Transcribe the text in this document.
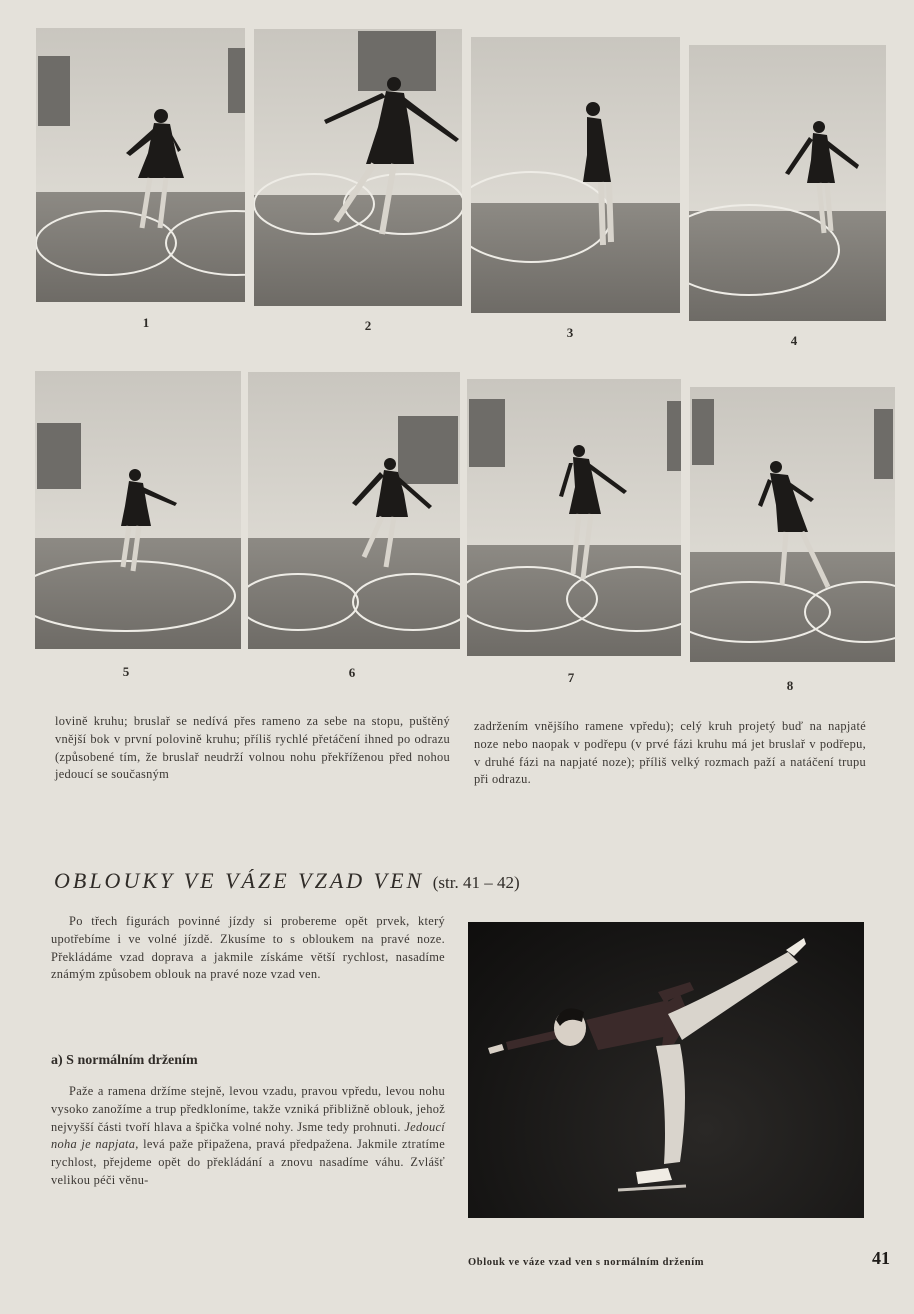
1	2	3
4
5	6	7
8

lovině kruhu; bruslař se nedívá přes rameno za sebe na stopu, puštěný vnější bok v první polovině kruhu; příliš rychlé přetáčení ihned po odrazu (způsobené tím, že bruslař neudrží volnou nohu překříženou před nohou jedoucí se současným

zadržením vnějšího ramene vpředu); celý kruh projetý buď na napjaté noze nebo naopak v podřepu (v prvé fázi kruhu má jet bruslař v podřepu, v druhé fázi na napjaté noze); příliš velký rozmach paží a natáčení trupu při odrazu.

OBLOUKY VE VÁZE VZAD VEN (str. 41 – 42)

Po třech figurách povinné jízdy si probereme opět prvek, který upotřebíme i ve volné jízdě. Zkusíme to s obloukem na pravé noze. Překládáme vzad doprava a jakmile získáme větší rychlost, nasadíme známým způsobem oblouk na pravé noze vzad ven.

a) S normálním držením

Paže a ramena držíme stejně, levou vzadu, pravou vpředu, levou nohu vysoko zanožíme a trup předkloníme, takže vzniká přibližně oblouk, jehož nejvyšší části tvoří hlava a špička volné nohy. Jsme tedy prohnuti. Jedoucí noha je napjata, levá paže připažena, pravá předpažena. Jakmile ztratíme rychlost, přejdeme opět do překládání a znovu nasadíme váhu. Zvlášť velikou péči věnu-

Oblouk ve váze vzad ven s normálním držením	41
